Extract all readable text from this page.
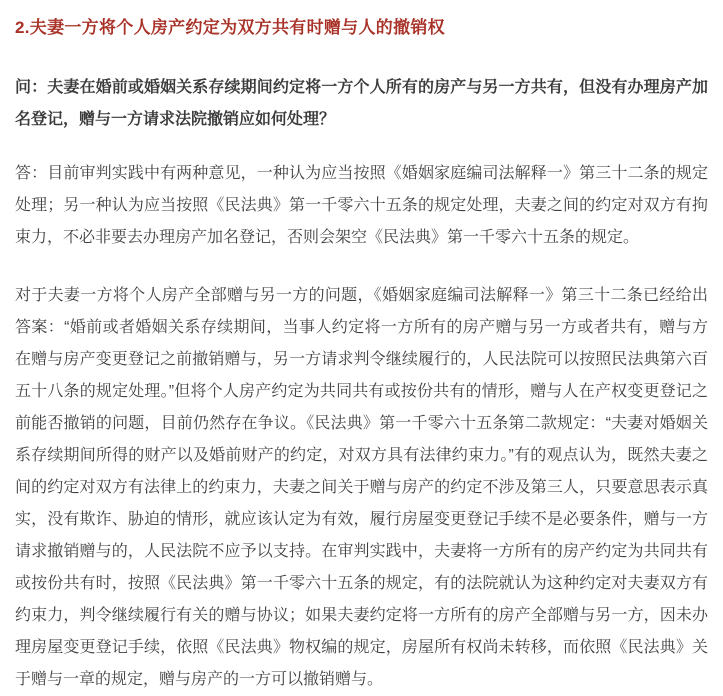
2.夫妻一方将个人房产约定为双方共有时赠与人的撤销权

问：夫妻在婚前或婚姻关系存续期间约定将一方个人所有的房产与另一方共有，但没有办理房产加名登记，赠与一方请求法院撤销应如何处理？

答：目前审判实践中有两种意见，一种认为应当按照《婚姻家庭编司法解释一》第三十二条的规定处理；另一种认为应当按照《民法典》第一千零六十五条的规定处理，夫妻之间的约定对双方有拘束力，不必非要去办理房产加名登记，否则会架空《民法典》第一千零六十五条的规定。

对于夫妻一方将个人房产全部赠与另一方的问题，《婚姻家庭编司法解释一》第三十二条已经给出答案：“婚前或者婚姻关系存续期间，当事人约定将一方所有的房产赠与另一方或者共有，赠与方在赠与房产变更登记之前撤销赠与，另一方请求判令继续履行的，人民法院可以按照民法典第六百五十八条的规定处理。”但将个人房产约定为共同共有或按份共有的情形，赠与人在产权变更登记之前能否撤销的问题，目前仍然存在争议。《民法典》第一千零六十五条第二款规定：“夫妻对婚姻关系存续期间所得的财产以及婚前财产的约定，对双方具有法律约束力。”有的观点认为，既然夫妻之间的约定对双方有法律上的约束力，夫妻之间关于赠与房产的约定不涉及第三人，只要意思表示真实，没有欺诈、胁迫的情形，就应该认定为有效，履行房屋变更登记手续不是必要条件，赠与一方请求撤销赠与的，人民法院不应予以支持。在审判实践中，夫妻将一方所有的房产约定为共同共有或按份共有时，按照《民法典》第一千零六十五条的规定，有的法院就认为这种约定对夫妻双方有约束力，判令继续履行有关的赠与协议；如果夫妻约定将一方所有的房产全部赠与另一方，因未办理房屋变更登记手续，依照《民法典》物权编的规定，房屋所有权尚未转移，而依照《民法典》关于赠与一章的规定，赠与房产的一方可以撤销赠与。
